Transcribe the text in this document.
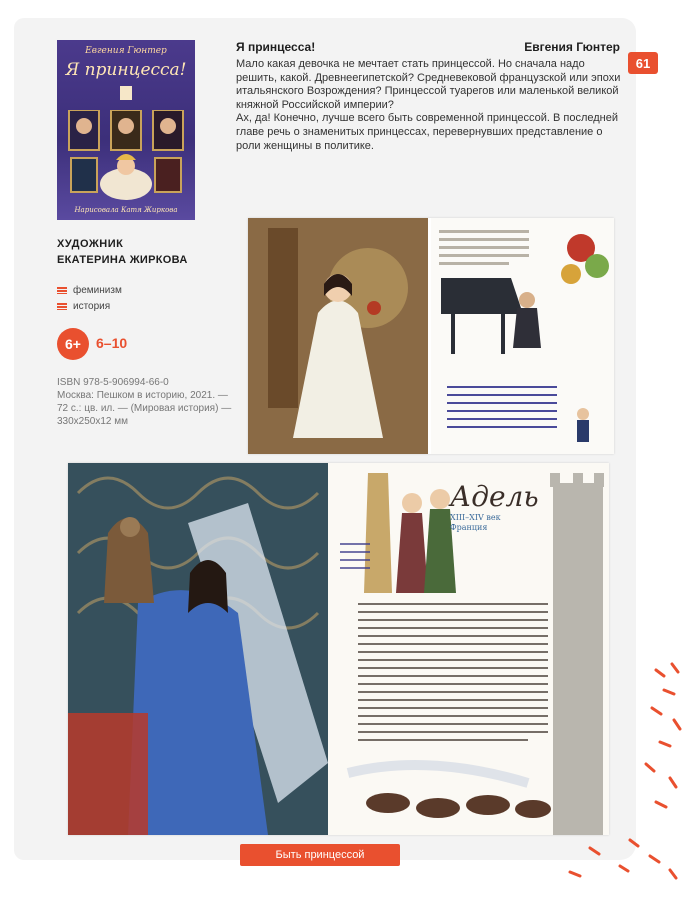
61
Евгения Гюнтер
Я принцесса!
Нарисовала Катя Жиркова
Я принцесса!	Евгения Гюнтер

Мало какая девочка не мечтает стать принцессой. Но сначала надо решить, какой. Древнеегипетской? Средневековой французской или эпохи итальянского Возрождения? Принцессой туарегов или маленькой великой княжной Российской империи?

Ах, да! Конечно, лучше всего быть современной принцессой. В последней главе речь о знаменитых принцессах, перевернувших представление о роли женщины в политике.

ХУДОЖНИК
ЕКАТЕРИНА ЖИРКОВА
феминизм
история
6+	6–10

ISBN 978-5-906994-66-0

Москва: Пешком в историю, 2021. — 72 с.: цв. ил. — (Мировая история) — 330x250x12 мм

Адель
XIII–XIV век
Франция
Быть принцессой
